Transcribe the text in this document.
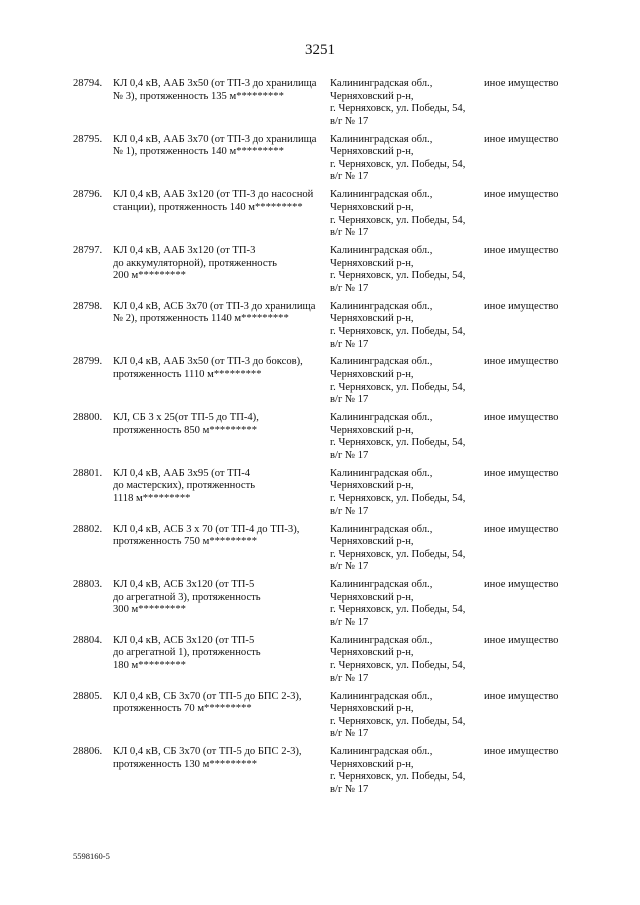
3251
28794. КЛ 0,4 кВ, ААБ 3x50 (от ТП-3 до хранилища
№ 3), протяженность 135 м*********
Калининградская обл.,
Черняховский р-н,
г. Черняховск, ул. Победы, 54,
в/г № 17
иное имущество
28795. КЛ 0,4 кВ, ААБ 3x70 (от ТП-3 до хранилища
№ 1), протяженность 140 м*********
Калининградская обл.,
Черняховский р-н,
г. Черняховск, ул. Победы, 54,
в/г № 17
иное имущество
28796. КЛ 0,4 кВ, ААБ 3x120 (от ТП-3 до насосной
станции), протяженность 140 м*********
Калининградская обл.,
Черняховский р-н,
г. Черняховск, ул. Победы, 54,
в/г № 17
иное имущество
28797. КЛ 0,4 кВ, ААБ 3x120 (от ТП-3
до аккумуляторной), протяженность
200 м*********
Калининградская обл.,
Черняховский р-н,
г. Черняховск, ул. Победы, 54,
в/г № 17
иное имущество
28798. КЛ 0,4 кВ, АСБ 3x70 (от ТП-3 до хранилища
№ 2), протяженность 1140 м*********
Калининградская обл.,
Черняховский р-н,
г. Черняховск, ул. Победы, 54,
в/г № 17
иное имущество
28799. КЛ 0,4 кВ, ААБ 3x50 (от ТП-3 до боксов),
протяженность 1110 м*********
Калининградская обл.,
Черняховский р-н,
г. Черняховск, ул. Победы, 54,
в/г № 17
иное имущество
28800. КЛ, СБ 3 х 25(от ТП-5 до ТП-4),
протяженность 850 м*********
Калининградская обл.,
Черняховский р-н,
г. Черняховск, ул. Победы, 54,
в/г № 17
иное имущество
28801. КЛ 0,4 кВ, ААБ 3x95 (от ТП-4
до мастерских), протяженность
1118 м*********
Калининградская обл.,
Черняховский р-н,
г. Черняховск, ул. Победы, 54,
в/г № 17
иное имущество
28802. КЛ 0,4 кВ, АСБ 3 х 70 (от ТП-4 до ТП-3),
протяженность 750 м*********
Калининградская обл.,
Черняховский р-н,
г. Черняховск, ул. Победы, 54,
в/г № 17
иное имущество
28803. КЛ 0,4 кВ, АСБ 3x120 (от ТП-5
до агрегатной 3), протяженность
300 м*********
Калининградская обл.,
Черняховский р-н,
г. Черняховск, ул. Победы, 54,
в/г № 17
иное имущество
28804. КЛ 0,4 кВ, АСБ 3x120 (от ТП-5
до агрегатной 1), протяженность
180 м*********
Калининградская обл.,
Черняховский р-н,
г. Черняховск, ул. Победы, 54,
в/г № 17
иное имущество
28805. КЛ 0,4 кВ, СБ 3x70 (от ТП-5 до БПС 2-3),
протяженность 70 м*********
Калининградская обл.,
Черняховский р-н,
г. Черняховск, ул. Победы, 54,
в/г № 17
иное имущество
28806. КЛ 0,4 кВ, СБ 3x70 (от ТП-5 до БПС 2-3),
протяженность 130 м*********
Калининградская обл.,
Черняховский р-н,
г. Черняховск, ул. Победы, 54,
в/г № 17
иное имущество
5598160-5
